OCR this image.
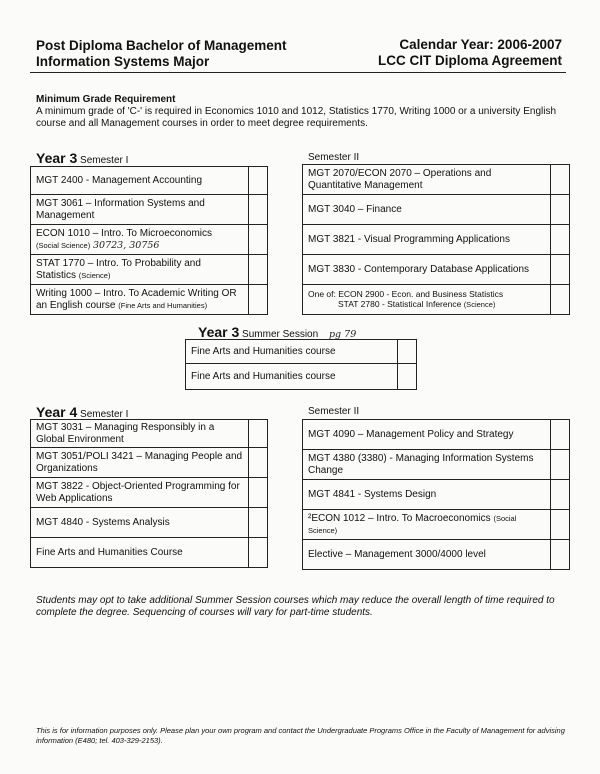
Post Diploma Bachelor of Management
Information Systems Major
Calendar Year: 2006-2007
LCC CIT Diploma Agreement
Minimum Grade Requirement
A minimum grade of 'C-' is required in Economics 1010 and 1012, Statistics 1770, Writing 1000 or a university English course and all Management courses in order to meet degree requirements.
Year 3 Semester I	Semester II
MGT 2400 - Management Accounting	
MGT 3061 – Information Systems and Management	
ECON 1010 – Intro. To Microeconomics
(Social Science) 30723, 30756	
STAT 1770 – Intro. To Probability and Statistics (Science)	
Writing 1000 – Intro. To Academic Writing OR an English course (Fine Arts and Humanities)	
MGT 2070/ECON 2070 – Operations and Quantitative Management	
MGT 3040 – Finance	
MGT 3821 - Visual Programming Applications	
MGT 3830 - Contemporary Database Applications	

One of: ECON 2900 - Econ. and Business Statistics
STAT 2780 - Statistical Inference (Science)	

Year 3 Summer Session pg 79
Fine Arts and Humanities course	
Fine Arts and Humanities course	
Year 4 Semester I	Semester II
MGT 3031 – Managing Responsibly in a Global Environment	
MGT 3051/POLI 3421 – Managing People and Organizations	
MGT 3822 - Object-Oriented Programming for Web Applications	
MGT 4840 - Systems Analysis	
Fine Arts and Humanities Course	
MGT 4090 – Management Policy and Strategy	
MGT 4380 (3380) - Managing Information Systems Change	
MGT 4841 - Systems Design	
²ECON 1012 – Intro. To Macroeconomics (Social Science)	
Elective – Management 3000/4000 level	
Students may opt to take additional Summer Session courses which may reduce the overall length of time required to complete the degree. Sequencing of courses will vary for part-time students.
This is for information purposes only. Please plan your own program and contact the Undergraduate Programs Office in the Faculty of Management for advising information (E480; tel. 403-329-2153).
